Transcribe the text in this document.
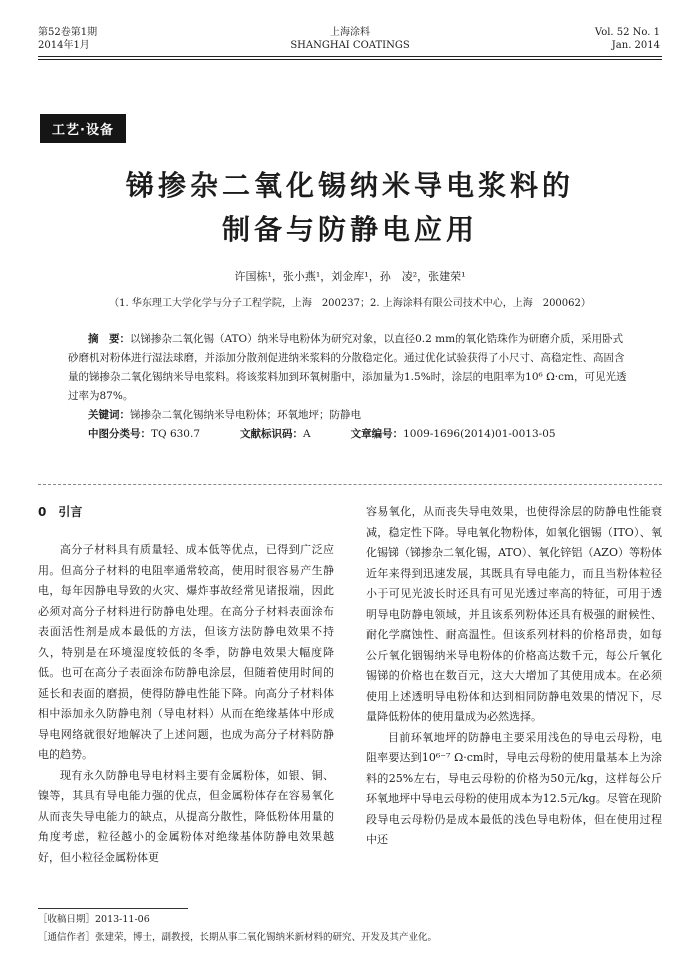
第52卷第1期
2014年1月
上海涂料
SHANGHAI COATINGS
Vol. 52 No. 1
Jan. 2014
工艺·设备
锑掺杂二氧化锡纳米导电浆料的
制备与防静电应用
许国栋¹，张小燕¹，刘金库¹，孙　凌²，张建荣¹
（1. 华东理工大学化学与分子工程学院，上海　200237；2. 上海涂料有限公司技术中心，上海　200062）

摘　要：以锑掺杂二氧化锡（ATO）纳米导电粉体为研究对象，以直径0.2 mm的氧化锆珠作为研磨介质，采用卧式砂磨机对粉体进行湿法球磨，并添加分散剂促进纳米浆料的分散稳定化。通过优化试验获得了小尺寸、高稳定性、高固含量的锑掺杂二氧化锡纳米导电浆料。将该浆料加到环氧树脂中，添加量为1.5%时，涂层的电阻率为10⁶ Ω·cm，可见光透过率为87%。

关键词：锑掺杂二氧化锡纳米导电粉体；环氧地坪；防静电
中图分类号：TQ 630.7	文献标识码：A	文章编号：1009-1696(2014)01-0013-05
0　引言

高分子材料具有质量轻、成本低等优点，已得到广泛应用。但高分子材料的电阻率通常较高，使用时很容易产生静电，每年因静电导致的火灾、爆炸事故经常见诸报端，因此必须对高分子材料进行防静电处理。在高分子材料表面涂布表面活性剂是成本最低的方法，但该方法防静电效果不持久，特别是在环境湿度较低的冬季，防静电效果大幅度降低。也可在高分子表面涂布防静电涂层，但随着使用时间的延长和表面的磨损，使得防静电性能下降。向高分子材料体相中添加永久防静电剂（导电材料）从而在绝缘基体中形成导电网络就很好地解决了上述问题，也成为高分子材料防静电的趋势。

现有永久防静电导电材料主要有金属粉体，如银、铜、镍等，其具有导电能力强的优点，但金属粉体存在容易氧化从而丧失导电能力的缺点，从提高分散性，降低粉体用量的角度考虑，粒径越小的金属粉体对绝缘基体防静电效果越好，但小粒径金属粉体更

容易氧化，从而丧失导电效果，也使得涂层的防静电性能衰减，稳定性下降。导电氧化物粉体，如氧化铟锡（ITO）、氧化锡锑（锑掺杂二氧化锡，ATO）、氧化锌铝（AZO）等粉体近年来得到迅速发展，其既具有导电能力，而且当粉体粒径小于可见光波长时还具有可见光透过率高的特征，可用于透明导电防静电领域，并且该系列粉体还具有极强的耐候性、耐化学腐蚀性、耐高温性。但该系列材料的价格昂贵，如每公斤氧化铟锡纳米导电粉体的价格高达数千元，每公斤氧化锡锑的价格也在数百元，这大大增加了其使用成本。在必须使用上述透明导电粉体和达到相同防静电效果的情况下，尽量降低粉体的使用量成为必然选择。

目前环氧地坪的防静电主要采用浅色的导电云母粉，电阻率要达到10⁶⁻⁷ Ω·cm时，导电云母粉的使用量基本上为涂料的25%左右，导电云母粉的价格为50元/kg，这样每公斤环氧地坪中导电云母粉的使用成本为12.5元/kg。尽管在现阶段导电云母粉仍是成本最低的浅色导电粉体，但在使用过程中还

［收稿日期］2013-11-06
［通信作者］张建荣，博士，副教授，长期从事二氧化锡纳米新材料的研究、开发及其产业化。
